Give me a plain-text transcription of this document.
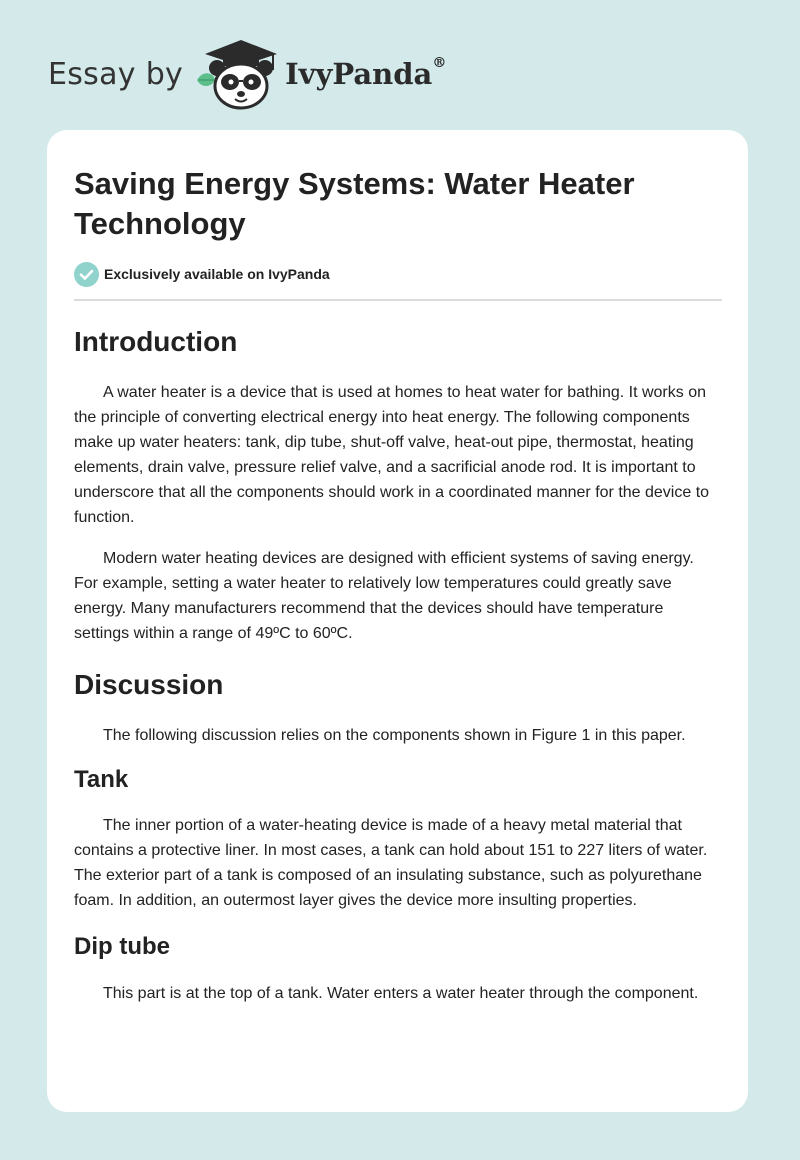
Essay by	IvyPanda®
Saving Energy Systems: Water Heater Technology
Exclusively available on IvyPanda
Introduction

A water heater is a device that is used at homes to heat water for bathing. It works on the principle of converting electrical energy into heat energy. The following components make up water heaters: tank, dip tube, shut-off valve, heat-out pipe, thermostat, heating elements, drain valve, pressure relief valve, and a sacrificial anode rod. It is important to underscore that all the components should work in a coordinated manner for the device to function.

Modern water heating devices are designed with efficient systems of saving energy. For example, setting a water heater to relatively low temperatures could greatly save energy. Many manufacturers recommend that the devices should have temperature settings within a range of 49ºC to 60ºC.

Discussion

The following discussion relies on the components shown in Figure 1 in this paper.

Tank

The inner portion of a water-heating device is made of a heavy metal material that contains a protective liner. In most cases, a tank can hold about 151 to 227 liters of water. The exterior part of a tank is composed of an insulating substance, such as polyurethane foam. In addition, an outermost layer gives the device more insulting properties.

Dip tube

This part is at the top of a tank. Water enters a water heater through the component.
